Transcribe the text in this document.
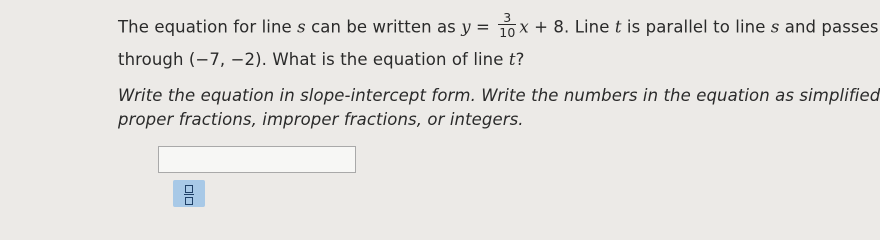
The equation for line s can be written as $y = \frac{3}{10}$ x + 8. Line t is parallel to line s and passes
through (−7, −2). What is the equation of line t?
Write the equation in slope-intercept form. Write the numbers in the equation as simplified
proper fractions, improper fractions, or integers.
